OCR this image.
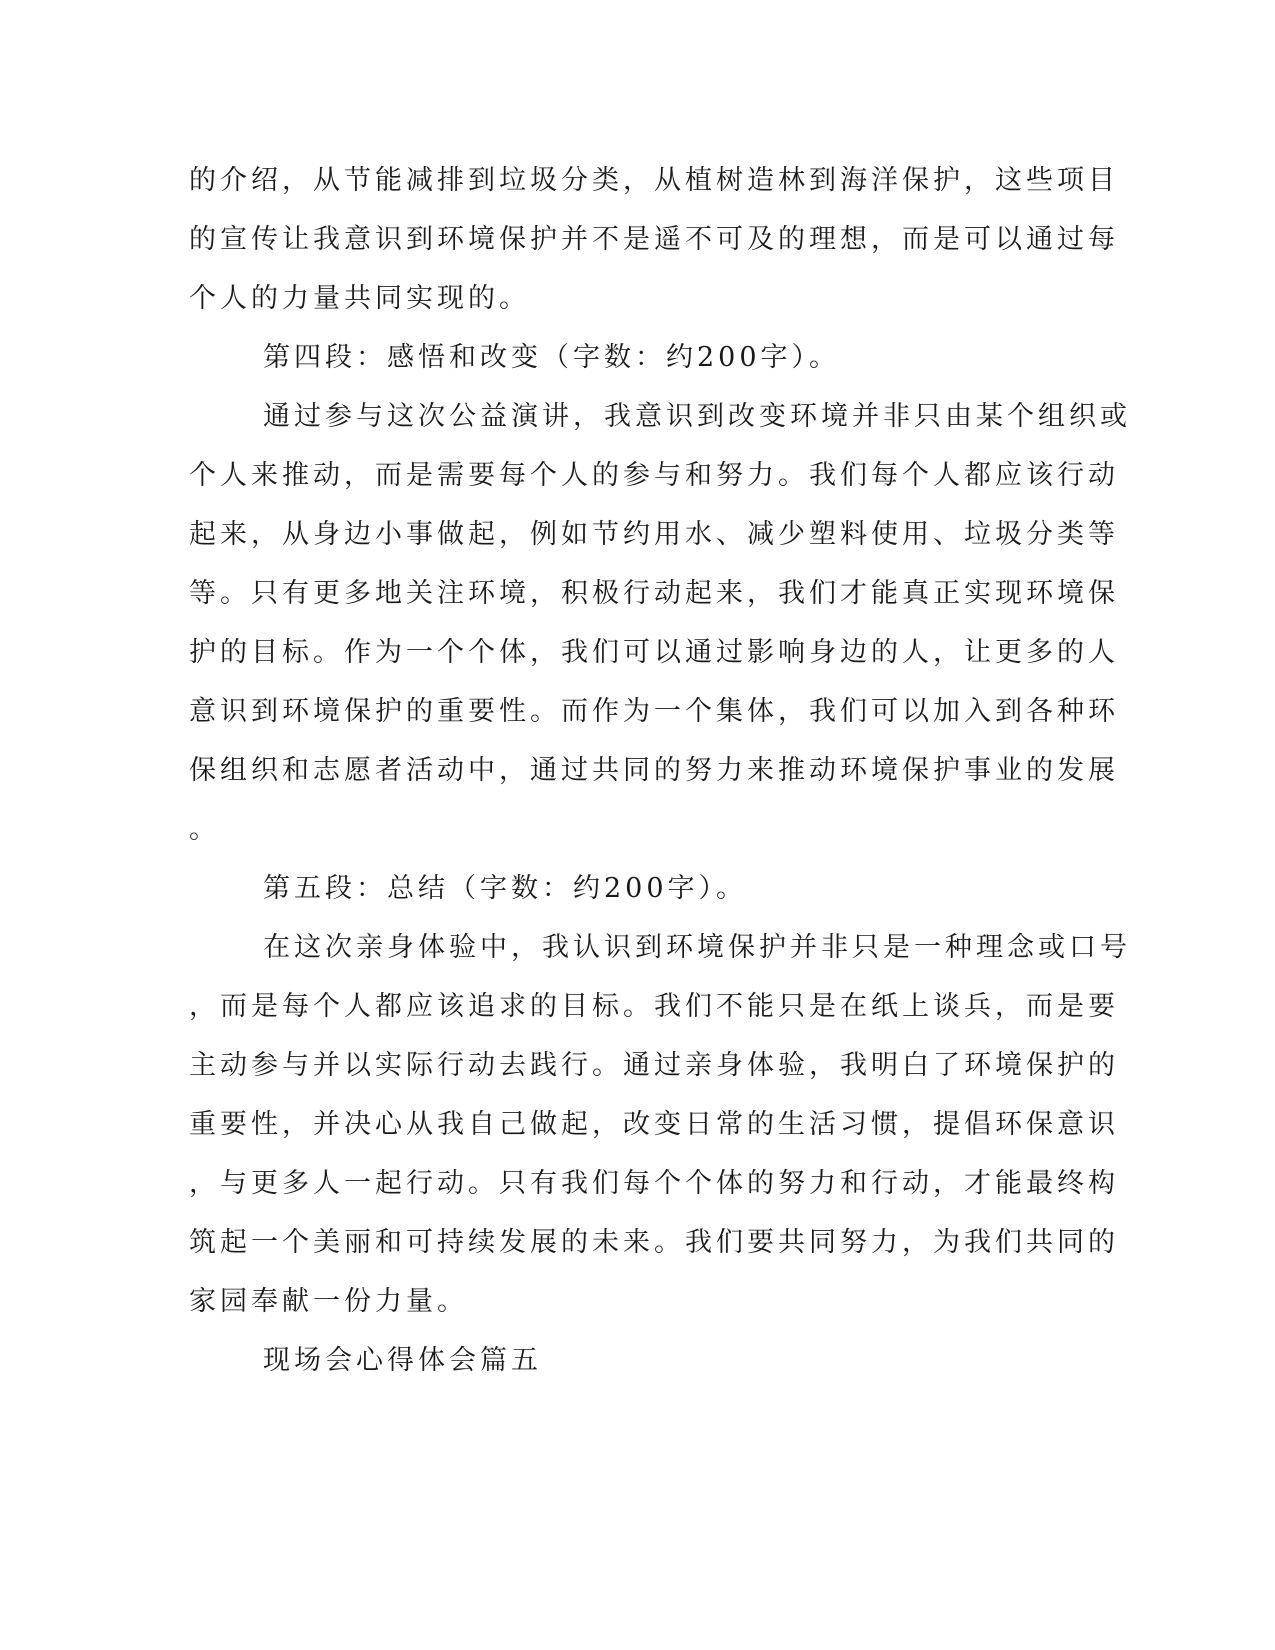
的介绍，从节能减排到垃圾分类，从植树造林到海洋保护，这些项目
的宣传让我意识到环境保护并不是遥不可及的理想，而是可以通过每
个人的力量共同实现的。
第四段：感悟和改变（字数：约200字）。
通过参与这次公益演讲，我意识到改变环境并非只由某个组织或
个人来推动，而是需要每个人的参与和努力。我们每个人都应该行动
起来，从身边小事做起，例如节约用水、减少塑料使用、垃圾分类等
等。只有更多地关注环境，积极行动起来，我们才能真正实现环境保
护的目标。作为一个个体，我们可以通过影响身边的人，让更多的人
意识到环境保护的重要性。而作为一个集体，我们可以加入到各种环
保组织和志愿者活动中，通过共同的努力来推动环境保护事业的发展
。
第五段：总结（字数：约200字）。
在这次亲身体验中，我认识到环境保护并非只是一种理念或口号
，而是每个人都应该追求的目标。我们不能只是在纸上谈兵，而是要
主动参与并以实际行动去践行。通过亲身体验，我明白了环境保护的
重要性，并决心从我自己做起，改变日常的生活习惯，提倡环保意识
，与更多人一起行动。只有我们每个个体的努力和行动，才能最终构
筑起一个美丽和可持续发展的未来。我们要共同努力，为我们共同的
家园奉献一份力量。
现场会心得体会篇五
